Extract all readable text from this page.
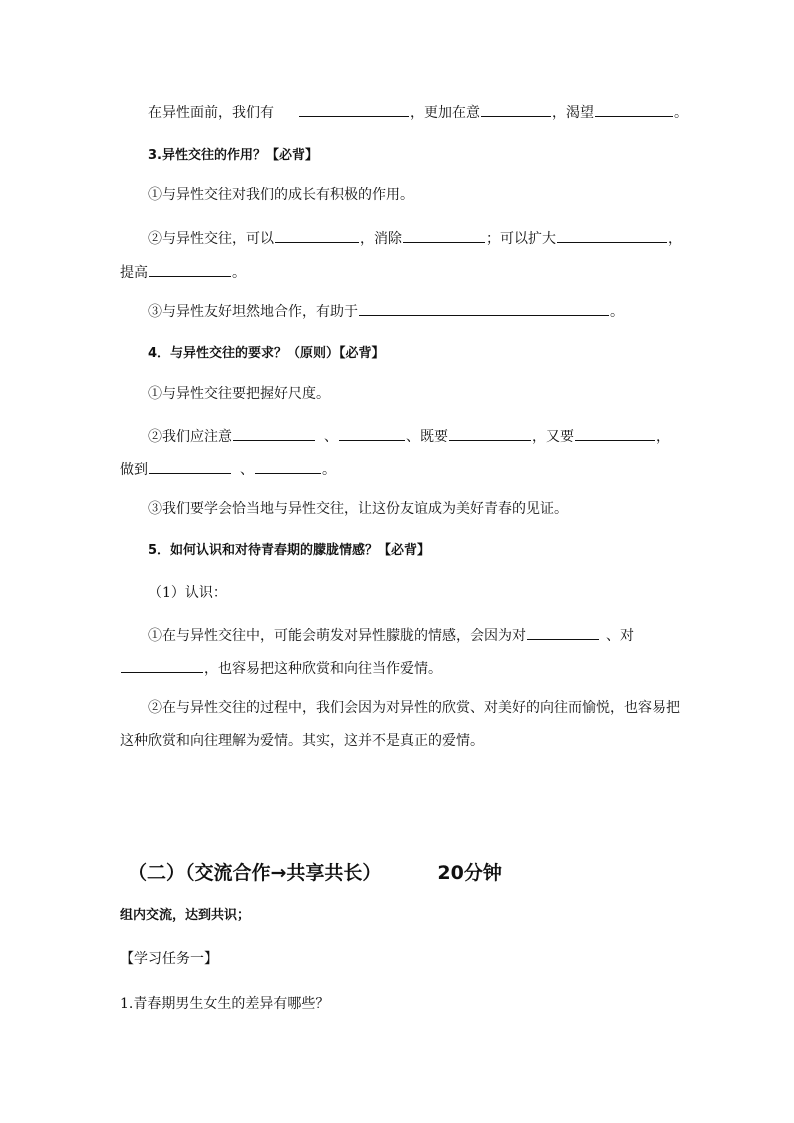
在异性面前，我们有	，更加在意	，渴望	。
3.异性交往的作用？【必背】
①与异性交往对我们的成长有积极的作用。
②与异性交往，可以	，消除	；可以扩大	，
提高	。
③与异性友好坦然地合作，有助于	。
4．与异性交往的要求？（原则）【必背】
①与异性交往要把握好尺度。
②我们应注意	、	、既要	，又要	，
做到	、	。
③我们要学会恰当地与异性交往，让这份友谊成为美好青春的见证。
5．如何认识和对待青春期的朦胧情感？【必背】
（1）认识：
①在与异性交往中，可能会萌发对异性朦胧的情感，会因为对	、对
，也容易把这种欣赏和向往当作爱情。
②在与异性交往的过程中，我们会因为对异性的欣赏、对美好的向往而愉悦，也容易把
这种欣赏和向往理解为爱情。其实，这并不是真正的爱情。
（二）（交流合作→共享共长）	20分钟
组内交流，达到共识；
【学习任务一】
1.青春期男生女生的差异有哪些？
